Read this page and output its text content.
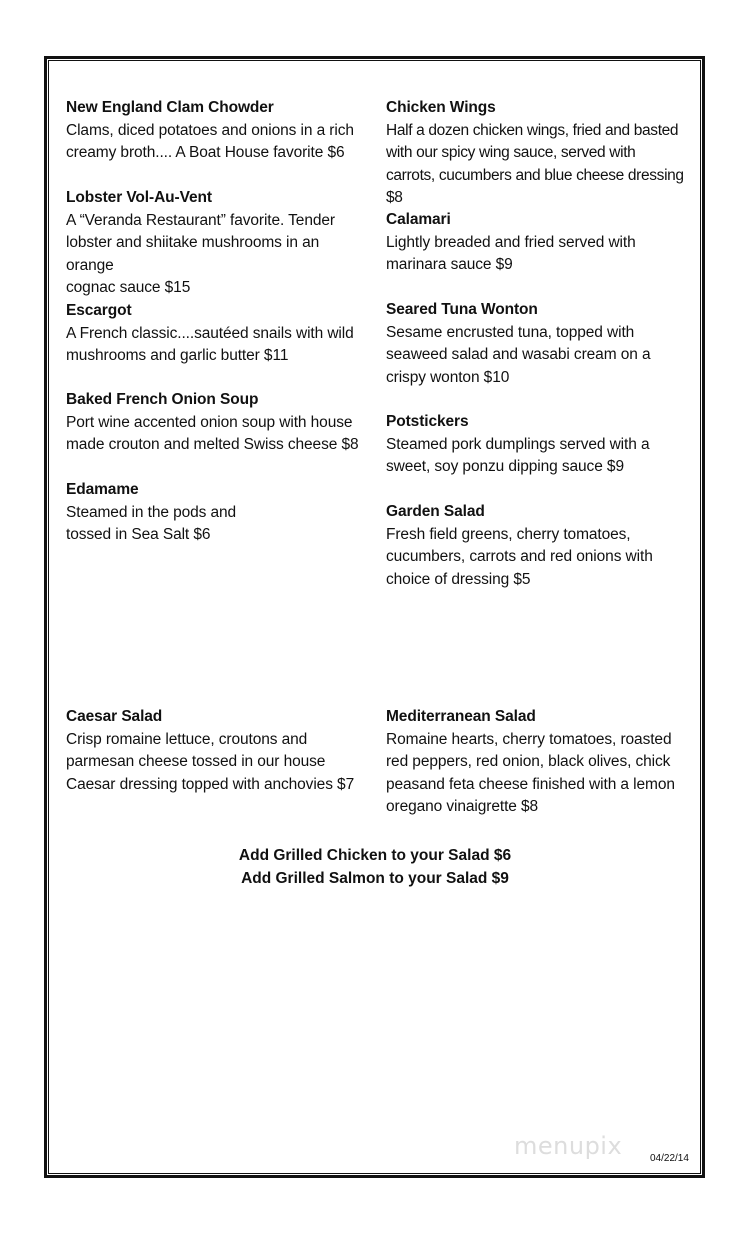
New England Clam Chowder
Clams, diced potatoes and onions in a rich
creamy broth.... A Boat House favorite $6
Lobster Vol-Au-Vent
A “Veranda Restaurant” favorite. Tender
lobster and shiitake mushrooms in an orange
cognac sauce $15
Escargot
A French classic....sautéed snails with wild
mushrooms and garlic butter $11
Baked French Onion Soup
Port wine accented onion soup with house
made crouton and melted Swiss cheese $8
Edamame
Steamed in the pods and
tossed in Sea Salt $6
Caesar Salad
Crisp romaine lettuce, croutons and
parmesan cheese tossed in our house
Caesar dressing topped with anchovies $7
Chicken Wings
Half a dozen chicken wings, fried and basted
with our spicy wing sauce, served with
carrots, cucumbers and blue cheese dressing $8
Calamari
Lightly breaded and fried served with
marinara sauce $9
Seared Tuna Wonton
Sesame encrusted tuna, topped with
seaweed salad and wasabi cream on a
crispy wonton $10
Potstickers
Steamed pork dumplings served with a
sweet, soy ponzu dipping sauce $9
Garden Salad
Fresh field greens, cherry tomatoes,
cucumbers, carrots and red onions with
choice of dressing $5
Mediterranean Salad
Romaine hearts, cherry tomatoes, roasted
red peppers, red onion, black olives, chick
peasand feta cheese finished with a lemon
oregano vinaigrette $8
Add Grilled Chicken to your Salad $6
Add Grilled Salmon to your Salad $9
menupix	04/22/14
